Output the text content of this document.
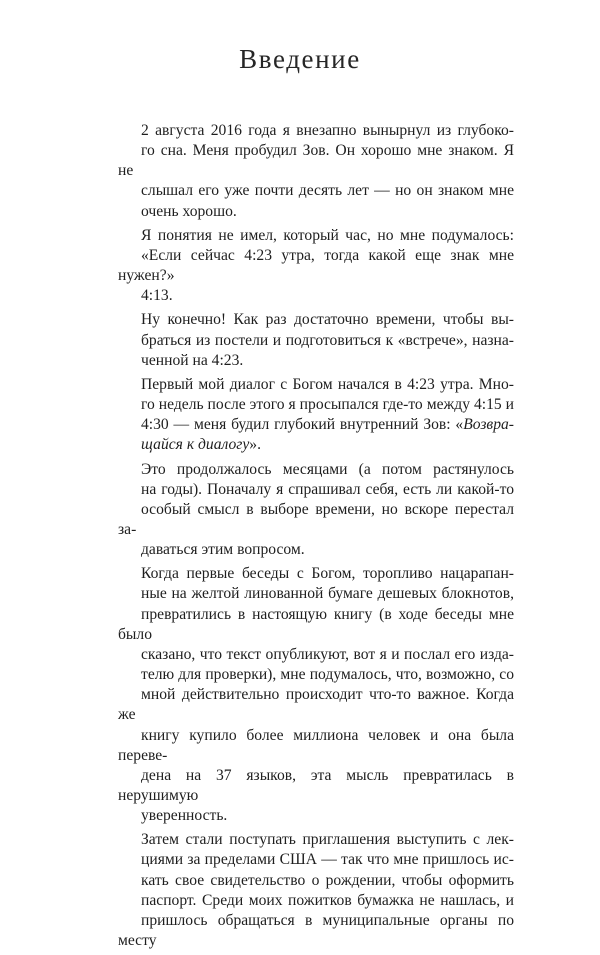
Введение

2 августа 2016 года я внезапно вынырнул из глубоко-
го сна. Меня пробудил Зов. Он хорошо мне знаком. Я не
слышал его уже почти десять лет — но он знаком мне
очень хорошо.

Я понятия не имел, который час, но мне подумалось:
«Если сейчас 4:23 утра, тогда какой еще знак мне нужен?»
4:13.

Ну конечно! Как раз достаточно времени, чтобы вы-
браться из постели и подготовиться к «встрече», назна-
ченной на 4:23.

Первый мой диалог с Богом начался в 4:23 утра. Мно-
го недель после этого я просыпался где-то между 4:15 и
4:30 — меня будил глубокий внутренний Зов: «Возвра-
щайся к диалогу».

Это продолжалось месяцами (а потом растянулось
на годы). Поначалу я спрашивал себя, есть ли какой-то
особый смысл в выборе времени, но вскоре перестал за-
даваться этим вопросом.

Когда первые беседы с Богом, торопливо нацарапан-
ные на желтой линованной бумаге дешевых блокнотов,
превратились в настоящую книгу (в ходе беседы мне было
сказано, что текст опубликуют, вот я и послал его изда-
телю для проверки), мне подумалось, что, возможно, со
мной действительно происходит что-то важное. Когда же
книгу купило более миллиона человек и она была переве-
дена на 37 языков, эта мысль превратилась в нерушимую
уверенность.

Затем стали поступать приглашения выступить с лек-
циями за пределами США — так что мне пришлось ис-
кать свое свидетельство о рождении, чтобы оформить
паспорт. Среди моих пожитков бумажка не нашлась, и
пришлось обращаться в муниципальные органы по месту
